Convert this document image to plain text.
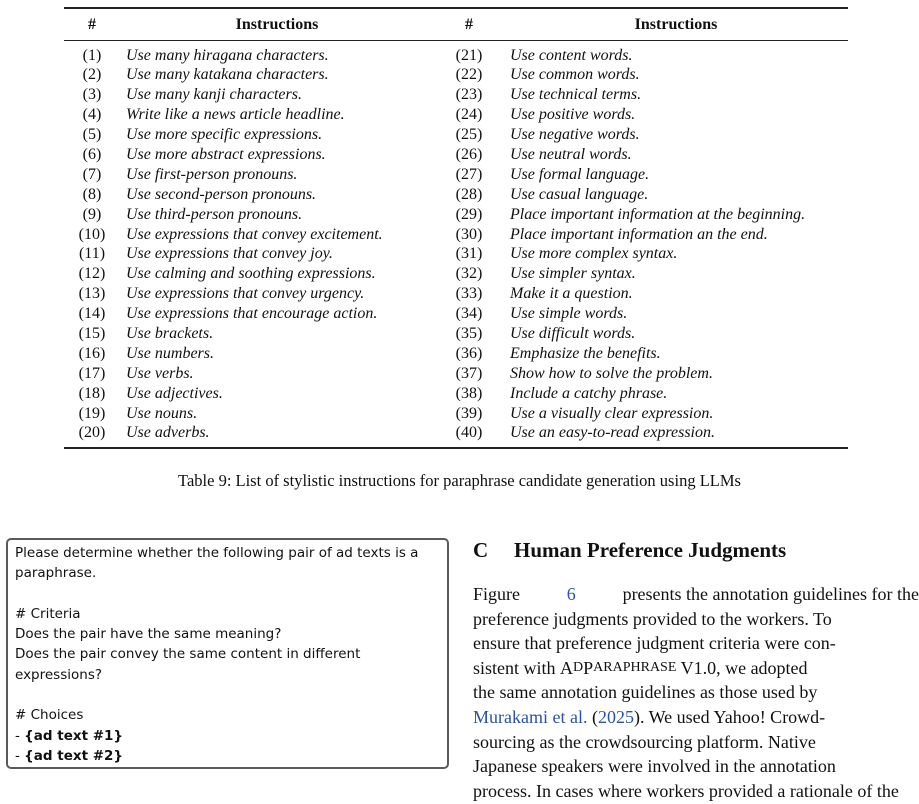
#	Instructions	#	Instructions
(1)	Use many hiragana characters.	(21)	Use content words.
(2)	Use many katakana characters.	(22)	Use common words.
(3)	Use many kanji characters.	(23)	Use technical terms.
(4)	Write like a news article headline.	(24)	Use positive words.
(5)	Use more specific expressions.	(25)	Use negative words.
(6)	Use more abstract expressions.	(26)	Use neutral words.
(7)	Use first-person pronouns.	(27)	Use formal language.
(8)	Use second-person pronouns.	(28)	Use casual language.
(9)	Use third-person pronouns.	(29)	Place important information at the beginning.
(10)	Use expressions that convey excitement.	(30)	Place important information an the end.
(11)	Use expressions that convey joy.	(31)	Use more complex syntax.
(12)	Use calming and soothing expressions.	(32)	Use simpler syntax.
(13)	Use expressions that convey urgency.	(33)	Make it a question.
(14)	Use expressions that encourage action.	(34)	Use simple words.
(15)	Use brackets.	(35)	Use difficult words.
(16)	Use numbers.	(36)	Emphasize the benefits.
(17)	Use verbs.	(37)	Show how to solve the problem.
(18)	Use adjectives.	(38)	Include a catchy phrase.
(19)	Use nouns.	(39)	Use a visually clear expression.
(20)	Use adverbs.	(40)	Use an easy-to-read expression.
Table 9: List of stylistic instructions for paraphrase candidate generation using LLMs
Please determine whether the following pair of ad texts is a
paraphrase.
# Criteria
Does the pair have the same meaning?
Does the pair convey the same content in different
expressions?
# Choices
- {ad text #1}
- {ad text #2}
C Human Preference Judgments
Figure 6 presents the annotation guidelines for the
preference judgments provided to the workers. To
ensure that preference judgment criteria were con-
sistent with A D P ARAPHRASE V1.0, we adopted
the same annotation guidelines as those used by
Murakami et al. ( 2025 ). We used Yahoo! Crowd-
sourcing as the crowdsourcing platform. Native
Japanese speakers were involved in the annotation
process. In cases where workers provided a rationale of the
